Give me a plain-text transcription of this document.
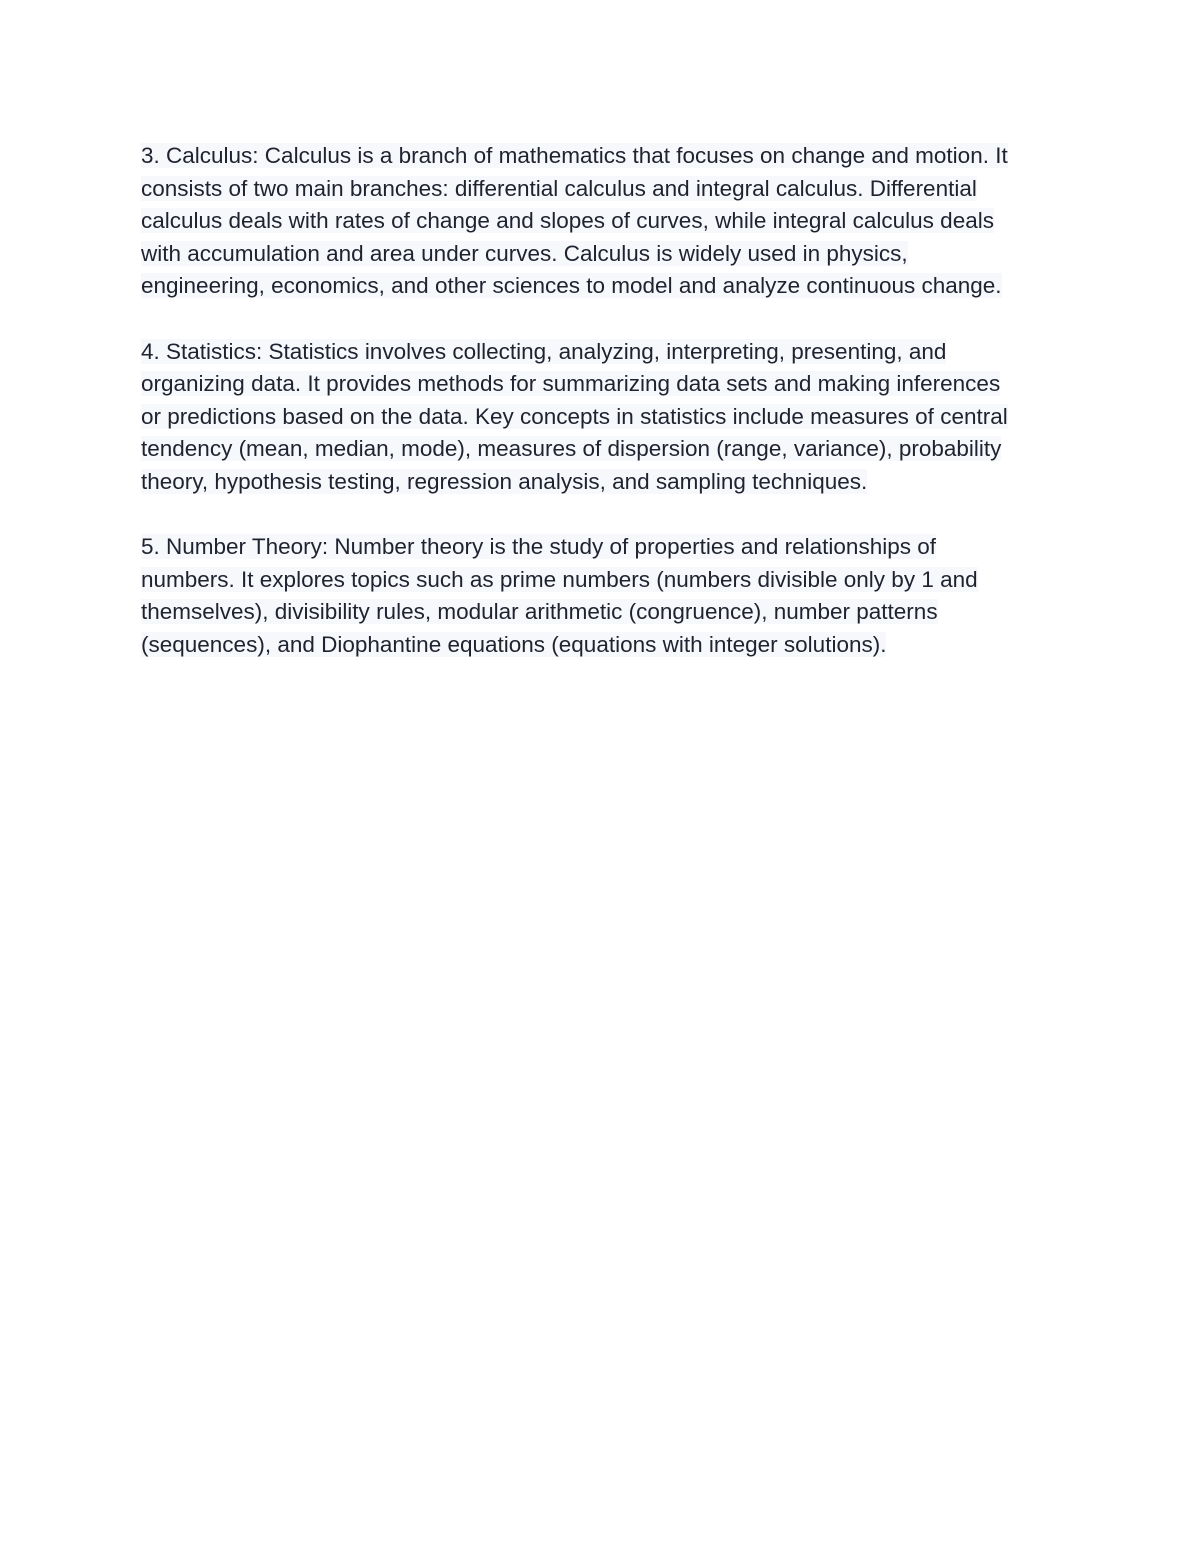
3. Calculus: Calculus is a branch of mathematics that focuses on change and motion. It
consists of two main branches: differential calculus and integral calculus. Differential
calculus deals with rates of change and slopes of curves, while integral calculus deals
with accumulation and area under curves. Calculus is widely used in physics,
engineering, economics, and other sciences to model and analyze continuous change.

4. Statistics: Statistics involves collecting, analyzing, interpreting, presenting, and
organizing data. It provides methods for summarizing data sets and making inferences
or predictions based on the data. Key concepts in statistics include measures of central
tendency (mean, median, mode), measures of dispersion (range, variance), probability
theory, hypothesis testing, regression analysis, and sampling techniques.

5. Number Theory: Number theory is the study of properties and relationships of
numbers. It explores topics such as prime numbers (numbers divisible only by 1 and
themselves), divisibility rules, modular arithmetic (congruence), number patterns
(sequences), and Diophantine equations (equations with integer solutions).
